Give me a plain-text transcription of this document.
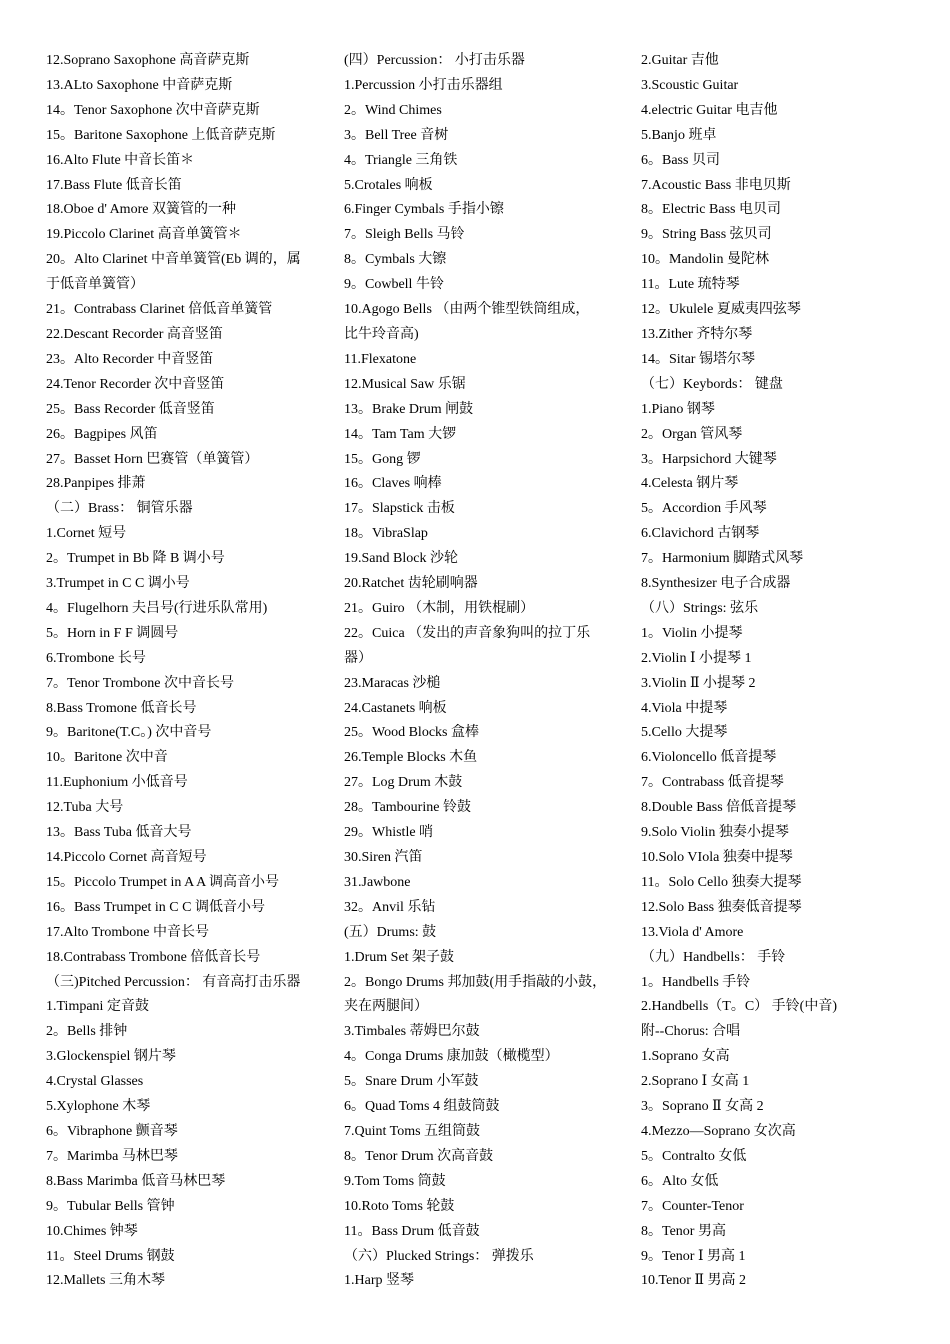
12.Soprano Saxophone 高音萨克斯
13.ALto Saxophone 中音萨克斯
14。Tenor Saxophone 次中音萨克斯
15。Baritone Saxophone 上低音萨克斯
16.Alto Flute 中音长笛＊
17.Bass Flute 低音长笛
18.Oboe d' Amore 双簧管的一种
19.Piccolo Clarinet 高音单簧管＊
20。Alto Clarinet 中音单簧管(Eb 调的，属
于低音单簧管）
21。Contrabass Clarinet 倍低音单簧管
22.Descant Recorder 高音竖笛
23。Alto Recorder 中音竖笛
24.Tenor Recorder 次中音竖笛
25。Bass Recorder 低音竖笛
26。Bagpipes 风笛
27。Basset Horn 巴赛管（单簧管）
28.Panpipes 排萧
（二）Brass： 铜管乐器
1.Cornet 短号
2。Trumpet in Bb 降 B 调小号
3.Trumpet in C C 调小号
4。Flugelhorn 夫吕号(行进乐队常用)
5。Horn in F F 调圆号
6.Trombone 长号
7。Tenor Trombone 次中音长号
8.Bass Tromone 低音长号
9。Baritone(T.C。) 次中音号
10。Baritone 次中音
11.Euphonium 小低音号
12.Tuba 大号
13。Bass Tuba 低音大号
14.Piccolo Cornet 高音短号
15。Piccolo Trumpet in A A 调高音小号
16。Bass Trumpet in C C 调低音小号
17.Alto Trombone 中音长号
18.Contrabass Trombone 倍低音长号
（三)Pitched Percussion： 有音高打击乐器
1.Timpani 定音鼓
2。Bells 排钟
3.Glockenspiel 钢片琴
4.Crystal Glasses
5.Xylophone 木琴
6。Vibraphone 颤音琴
7。Marimba 马林巴琴
8.Bass Marimba 低音马林巴琴
9。Tubular Bells 管钟
10.Chimes 钟琴
11。Steel Drums 钢鼓
12.Mallets 三角木琴
(四）Percussion： 小打击乐器
1.Percussion 小打击乐器组
2。Wind Chimes
3。Bell Tree 音树
4。Triangle 三角铁
5.Crotales 响板
6.Finger Cymbals 手指小镲
7。Sleigh Bells 马铃
8。Cymbals 大镲
9。Cowbell 牛铃
10.Agogo Bells （由两个锥型铁筒组成，
比牛玲音高)
11.Flexatone
12.Musical Saw 乐锯
13。Brake Drum 闸鼓
14。Tam Tam 大锣
15。Gong 锣
16。Claves 响棒
17。Slapstick 击板
18。VibraSlap
19.Sand Block 沙轮
20.Ratchet 齿轮刷响器
21。Guiro （木制，用铁棍刷）
22。Cuica （发出的声音象狗叫的拉丁乐
器）
23.Maracas 沙槌
24.Castanets 响板
25。Wood Blocks 盒棒
26.Temple Blocks 木鱼
27。Log Drum 木鼓
28。Tambourine 铃鼓
29。Whistle 哨
30.Siren 汽笛
31.Jawbone
32。Anvil 乐钻
(五）Drums: 鼓
1.Drum Set 架子鼓
2。Bongo Drums 邦加鼓(用手指敲的小鼓，
夹在两腿间）
3.Timbales 蒂姆巴尔鼓
4。Conga Drums 康加鼓（橄榄型）
5。Snare Drum 小军鼓
6。Quad Toms 4 组鼓筒鼓
7.Quint Toms 五组筒鼓
8。Tenor Drum 次高音鼓
9.Tom Toms 筒鼓
10.Roto Toms 轮鼓
11。Bass Drum 低音鼓
（六）Plucked Strings： 弹拨乐
1.Harp 竖琴
2.Guitar 吉他
3.Scoustic Guitar
4.electric Guitar 电吉他
5.Banjo 班卓
6。Bass 贝司
7.Acoustic Bass 非电贝斯
8。Electric Bass 电贝司
9。String Bass 弦贝司
10。Mandolin 曼陀林
11。Lute 琉特琴
12。Ukulele 夏威夷四弦琴
13.Zither 齐特尔琴
14。Sitar 锡塔尔琴
（七）Keybords： 键盘
1.Piano 钢琴
2。Organ 管风琴
3。Harpsichord 大键琴
4.Celesta 钢片琴
5。Accordion 手风琴
6.Clavichord 古钢琴
7。Harmonium 脚踏式风琴
8.Synthesizer 电子合成器
（八）Strings: 弦乐
1。Violin 小提琴
2.Violin Ⅰ 小提琴 1
3.Violin Ⅱ 小提琴 2
4.Viola 中提琴
5.Cello 大提琴
6.Violoncello 低音提琴
7。Contrabass 低音提琴
8.Double Bass 倍低音提琴
9.Solo Violin 独奏小提琴
10.Solo VIola 独奏中提琴
11。Solo Cello 独奏大提琴
12.Solo Bass 独奏低音提琴
13.Viola d' Amore
（九）Handbells： 手铃
1。Handbells 手铃
2.Handbells（T。C） 手铃(中音)
附--Chorus: 合唱
1.Soprano 女高
2.Soprano Ⅰ 女高 1
3。Soprano Ⅱ 女高 2
4.Mezzo—Soprano 女次高
5。Contralto 女低
6。Alto 女低
7。Counter-Tenor
8。Tenor 男高
9。Tenor Ⅰ 男高 1
10.Tenor Ⅱ 男高 2
